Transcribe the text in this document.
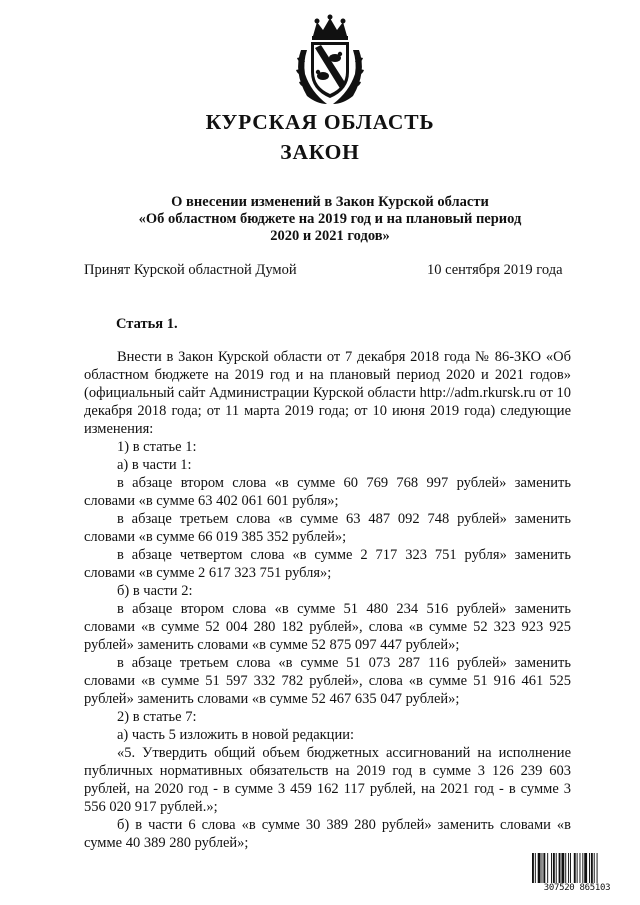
КУРСКАЯ ОБЛАСТЬ
ЗАКОН
О внесении изменений в Закон Курской области
«Об областном бюджете на 2019 год и на плановый период
2020 и 2021 годов»
Принят Курской областной Думой	10 сентября 2019 года
Статья 1.

Внести в Закон Курской области от 7 декабря 2018 года № 86-ЗКО «Об областном бюджете на 2019 год и на плановый период 2020 и 2021 годов» (официальный сайт Администрации Курской области http://adm.rkursk.ru от 10 декабря 2018 года; от 11 марта 2019 года; от 10 июня 2019 года) следующие изменения:

1) в статье 1:

а) в части 1:

в абзаце втором слова «в сумме 60 769 768 997 рублей» заменить словами «в сумме 63 402 061 601 рубля»;

в абзаце третьем слова «в сумме 63 487 092 748 рублей» заменить словами «в сумме 66 019 385 352 рублей»;

в абзаце четвертом слова «в сумме 2 717 323 751 рубля» заменить словами «в сумме 2 617 323 751 рубля»;

б) в части 2:

в абзаце втором слова «в сумме 51 480 234 516 рублей» заменить словами «в сумме 52 004 280 182 рублей», слова «в сумме 52 323 923 925 рублей» заменить словами «в сумме 52 875 097 447 рублей»;

в абзаце третьем слова «в сумме 51 073 287 116 рублей» заменить словами «в сумме 51 597 332 782 рублей», слова «в сумме 51 916 461 525 рублей» заменить словами «в сумме 52 467 635 047 рублей»;

2) в статье 7:

а) часть 5 изложить в новой редакции:

«5. Утвердить общий объем бюджетных ассигнований на исполнение публичных нормативных обязательств на 2019 год в сумме 3 126 239 603 рублей, на 2020 год - в сумме 3 459 162 117 рублей, на 2021 год - в сумме 3 556 020 917 рублей.»;

б) в части 6 слова «в сумме 30 389 280 рублей» заменить словами «в сумме 40 389 280 рублей»;

307520 865103
